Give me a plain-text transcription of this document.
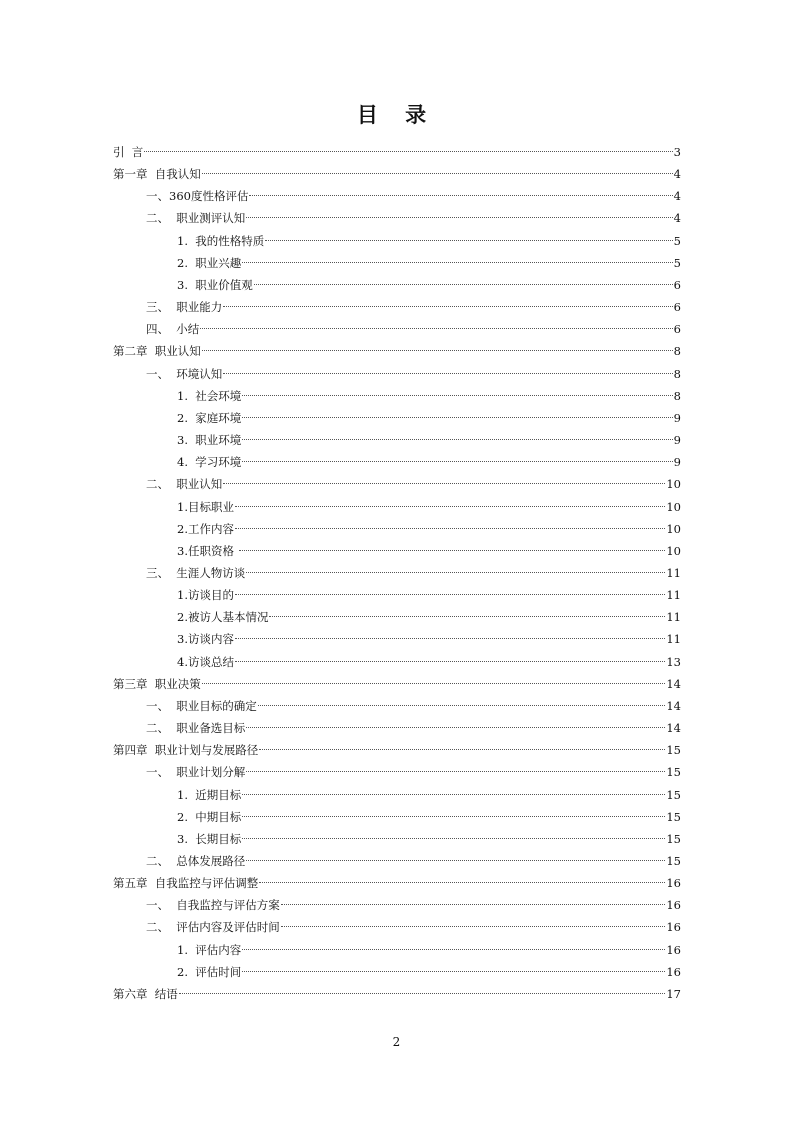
目 录
引  言	3
第一章  自我认知	4
一、360度性格评估	4
二、  职业测评认知	4
1.  我的性格特质	5
2.  职业兴趣	5
3.  职业价值观	6
三、  职业能力	6
四、  小结	6
第二章  职业认知	8
一、  环境认知	8
1.  社会环境	8
2.  家庭环境	9
3.  职业环境	9
4.  学习环境	9
二、  职业认知	10
1.目标职业	10
2.工作内容	10
3.任职资格	10
三、  生涯人物访谈	11
1.访谈目的	11
2.被访人基本情况	11
3.访谈内容	11
4.访谈总结	13
第三章  职业决策	14
一、  职业目标的确定	14
二、  职业备选目标	14
第四章  职业计划与发展路径	15
一、  职业计划分解	15
1.  近期目标	15
2.  中期目标	15
3.  长期目标	15
二、  总体发展路径	15
第五章  自我监控与评估调整	16
一、  自我监控与评估方案	16
二、  评估内容及评估时间	16
1.  评估内容	16
2.  评估时间	16
第六章  结语	17
2
